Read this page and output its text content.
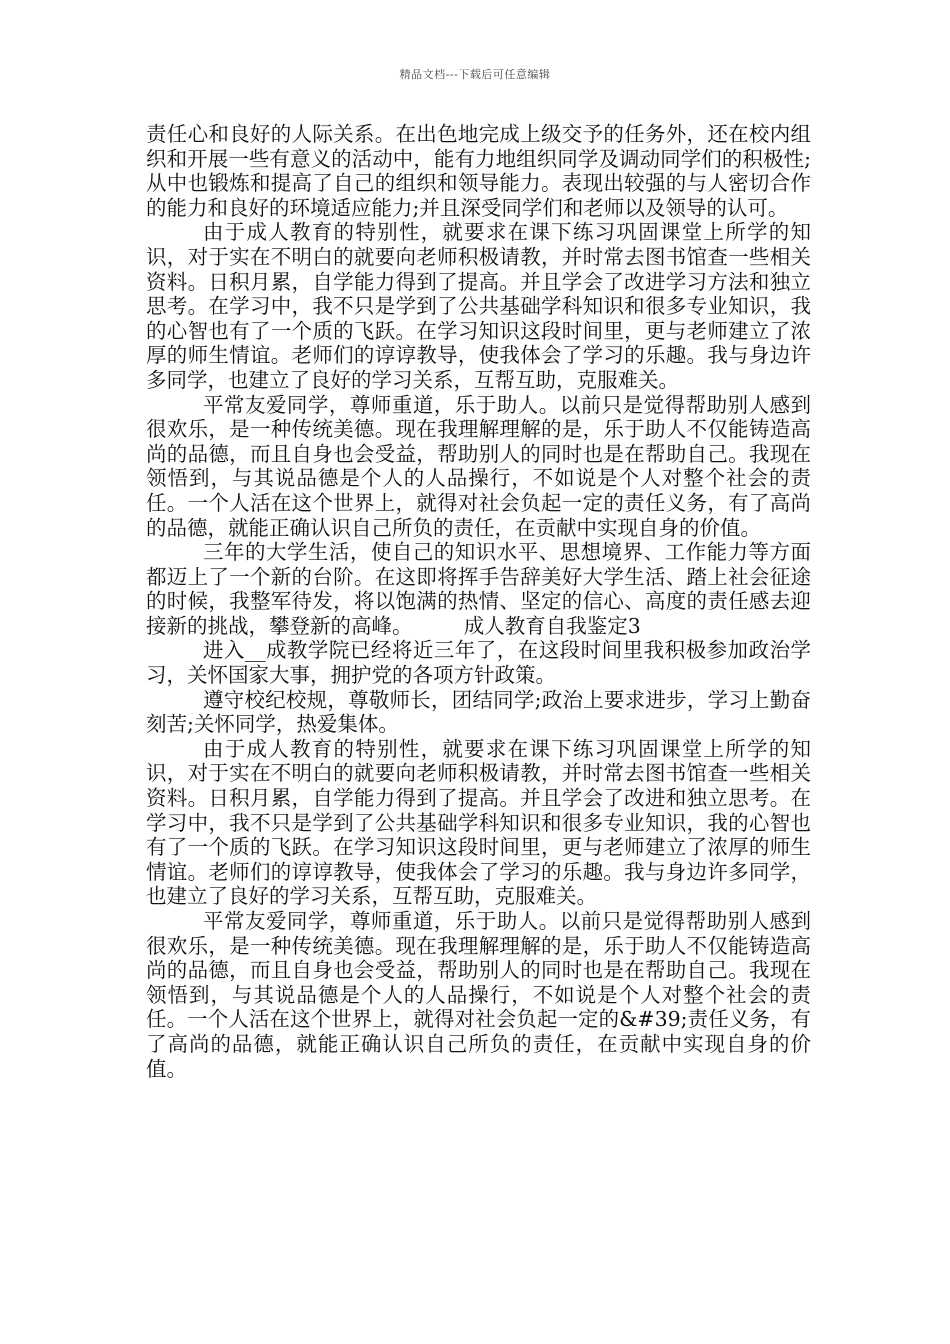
精品文档---下载后可任意编辑

责任心和良好的人际关系。在出色地完成上级交予的任务外，还在校内组织和开展一些有意义的活动中，能有力地组织同学及调动同学们的积极性;从中也锻炼和提高了自己的组织和领导能力。表现出较强的与人密切合作的能力和良好的环境适应能力;并且深受同学们和老师以及领导的认可。

由于成人教育的特别性，就要求在课下练习巩固课堂上所学的知识，对于实在不明白的就要向老师积极请教，并时常去图书馆查一些相关资料。日积月累，自学能力得到了提高。并且学会了改进学习方法和独立思考。在学习中，我不只是学到了公共基础学科知识和很多专业知识，我的心智也有了一个质的飞跃。在学习知识这段时间里，更与老师建立了浓厚的师生情谊。老师们的谆谆教导，使我体会了学习的乐趣。我与身边许多同学，也建立了良好的学习关系，互帮互助，克服难关。

平常友爱同学，尊师重道，乐于助人。以前只是觉得帮助别人感到很欢乐，是一种传统美德。现在我理解理解的是，乐于助人不仅能铸造高尚的品德，而且自身也会受益，帮助别人的同时也是在帮助自己。我现在领悟到，与其说品德是个人的人品操行，不如说是个人对整个社会的责任。一个人活在这个世界上，就得对社会负起一定的责任义务，有了高尚的品德，就能正确认识自己所负的责任，在贡献中实现自身的价值。

三年的大学生活，使自己的知识水平、思想境界、工作能力等方面都迈上了一个新的台阶。在这即将挥手告辞美好大学生活、踏上社会征途的时候，我整军待发，将以饱满的热情、坚定的信心、高度的责任感去迎接新的挑战，攀登新的高峰。　　　成人教育自我鉴定3

进入__成教学院已经将近三年了，在这段时间里我积极参加政治学习，关怀国家大事，拥护党的各项方针政策。

遵守校纪校规，尊敬师长，团结同学;政治上要求进步，学习上勤奋刻苦;关怀同学，热爱集体。

由于成人教育的特别性，就要求在课下练习巩固课堂上所学的知识，对于实在不明白的就要向老师积极请教，并时常去图书馆查一些相关资料。日积月累，自学能力得到了提高。并且学会了改进和独立思考。在学习中，我不只是学到了公共基础学科知识和很多专业知识，我的心智也有了一个质的飞跃。在学习知识这段时间里，更与老师建立了浓厚的师生情谊。老师们的谆谆教导，使我体会了学习的乐趣。我与身边许多同学，也建立了良好的学习关系，互帮互助，克服难关。

平常友爱同学，尊师重道，乐于助人。以前只是觉得帮助别人感到很欢乐，是一种传统美德。现在我理解理解的是，乐于助人不仅能铸造高尚的品德，而且自身也会受益，帮助别人的同时也是在帮助自己。我现在领悟到，与其说品德是个人的人品操行，不如说是个人对整个社会的责任。一个人活在这个世界上，就得对社会负起一定的&#39;责任义务，有了高尚的品德，就能正确认识自己所负的责任，在贡献中实现自身的价值。
